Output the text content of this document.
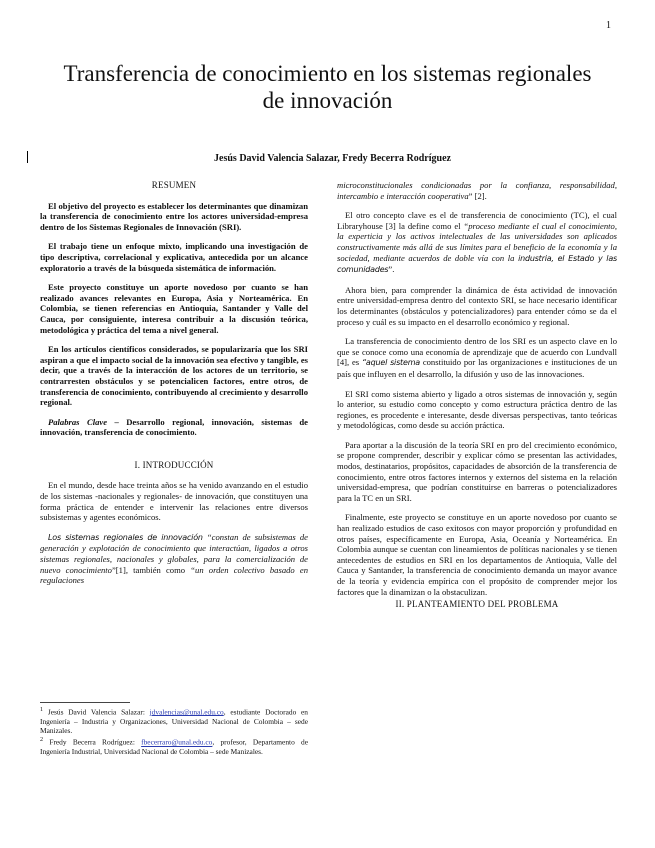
1
Transferencia de conocimiento en los sistemas regionales de innovación
Jesús David Valencia Salazar, Fredy Becerra Rodríguez
RESUMEN

El objetivo del proyecto es establecer los determinantes que dinamizan la transferencia de conocimiento entre los actores universidad-empresa dentro de los Sistemas Regionales de Innovación (SRI).

El trabajo tiene un enfoque mixto, implicando una investigación de tipo descriptiva, correlacional y explicativa, antecedida por un alcance exploratorio a través de la búsqueda sistemática de información.

Este proyecto constituye un aporte novedoso por cuanto se han realizado avances relevantes en Europa, Asia y Norteamérica. En Colombia, se tienen referencias en Antioquia, Santander y Valle del Cauca, por consiguiente, interesa contribuir a la discusión teórica, metodológica y práctica del tema a nivel general.

En los artículos científicos considerados, se popularizaría que los SRI aspiran a que el impacto social de la innovación sea efectivo y tangible, es decir, que a través de la interacción de los actores de un territorio, se contrarresten obstáculos y se potencialicen factores, entre otros, de transferencia de conocimiento, contribuyendo al crecimiento y desarrollo regional.

Palabras Clave – Desarrollo regional, innovación, sistemas de innovación, transferencia de conocimiento.

I. INTRODUCCIÓN

En el mundo, desde hace treinta años se ha venido avanzando en el estudio de los sistemas -nacionales y regionales- de innovación, que constituyen una forma práctica de entender e intervenir las relaciones entre diversos subsistemas y agentes económicos.

Los sistemas regionales de innovación “constan de subsistemas de generación y explotación de conocimiento que interactúan, ligados a otros sistemas regionales, nacionales y globales, para la comercialización de nuevo conocimiento”[1], también como “un orden colectivo basado en regulaciones

$^1$ Jesús David Valencia Salazar: jdvalencias@unal.edu.co, estudiante Doctorado en Ingeniería – Industria y Organizaciones, Universidad Nacional de Colombia – sede Manizales.

$^2$ Fredy Becerra Rodríguez: fbecerraro@unal.edu.co, profesor, Departamento de Ingeniería Industrial, Universidad Nacional de Colombia – sede Manizales.

microconstitucionales condicionadas por la confianza, responsabilidad, intercambio e interacción cooperativa” [2].

El otro concepto clave es el de transferencia de conocimiento (TC), el cual Libraryhouse [3] la define como el “proceso mediante el cual el conocimiento, la experticia y los activos intelectuales de las universidades son aplicados constructivamente más allá de sus límites para el beneficio de la economía y la sociedad, mediante acuerdos de doble vía con la industria, el Estado y las comunidades”.

Ahora bien, para comprender la dinámica de ésta actividad de innovación entre universidad-empresa dentro del contexto SRI, se hace necesario identificar los determinantes (obstáculos y potencializadores) para entender cómo se da el proceso y cuál es su impacto en el desarrollo económico y regional.

La transferencia de conocimiento dentro de los SRI es un aspecto clave en lo que se conoce como una economía de aprendizaje que de acuerdo con Lundvall [4], es “aquel sistema constituido por las organizaciones e instituciones de un país que influyen en el desarrollo, la difusión y uso de las innovaciones.

El SRI como sistema abierto y ligado a otros sistemas de innovación y, según lo anterior, su estudio como concepto y como estructura práctica dentro de las regiones, es procedente e interesante, desde diversas perspectivas, tanto teóricas y metodológicas, como desde su acción práctica.

Para aportar a la discusión de la teoría SRI en pro del crecimiento económico, se propone comprender, describir y explicar cómo se presentan las actividades, modos, destinatarios, propósitos, capacidades de absorción de la transferencia de conocimiento, entre otros factores internos y externos del sistema en la relación universidad-empresa, que podrían constituirse en barreras o potencializadores para la TC en un SRI.

Finalmente, este proyecto se constituye en un aporte novedoso por cuanto se han realizado estudios de caso exitosos con mayor proporción y profundidad en otros países, específicamente en Europa, Asia, Oceanía y Norteamérica. En Colombia aunque se cuentan con lineamientos de políticas nacionales y se tienen antecedentes de estudios en SRI en los departamentos de Antioquia, Valle del Cauca y Santander, la transferencia de conocimiento demanda un mayor avance de la teoría y evidencia empírica con el propósito de comprender mejor los factores que la dinamizan o la obstaculizan.

II. PLANTEAMIENTO DEL PROBLEMA
